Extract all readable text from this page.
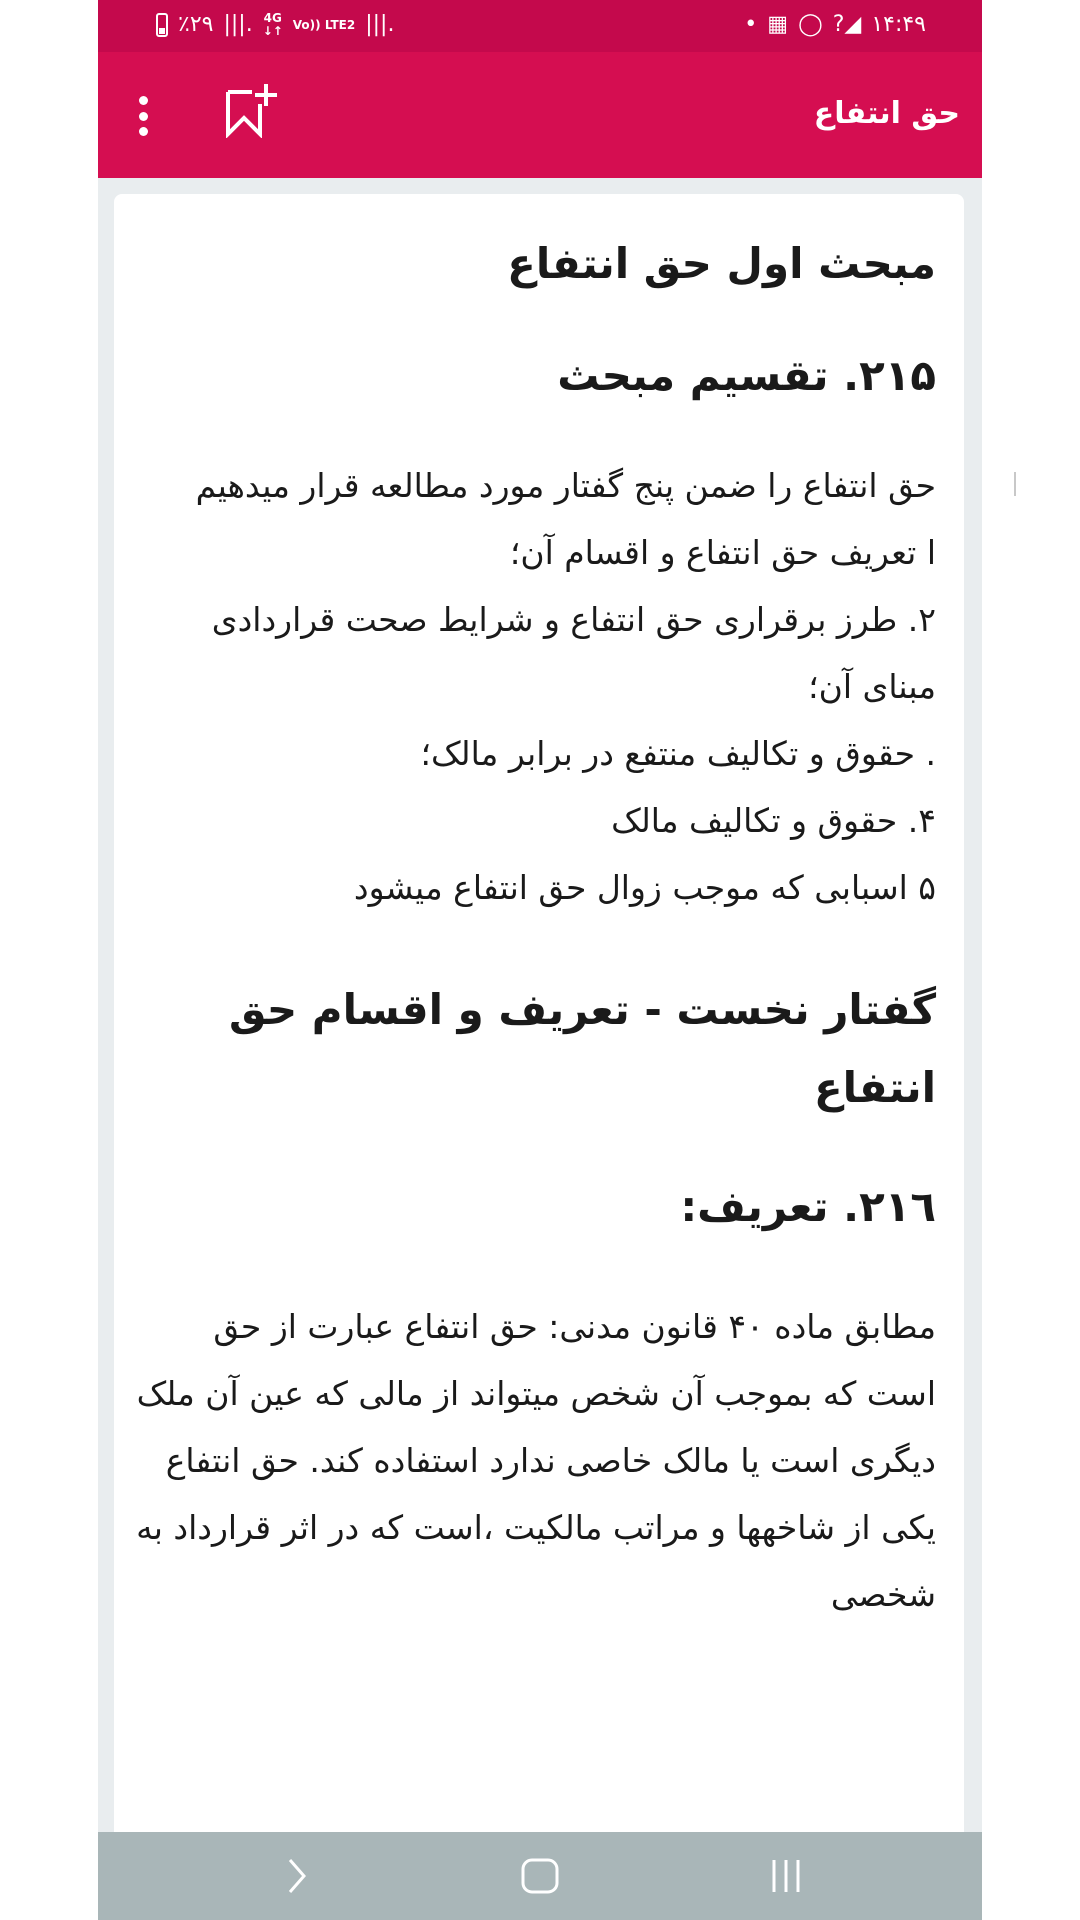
٪۲۹ |||. 4G
↓↑ Vo)) LTE2 |||.	• ▦ ◯ ?◢ ۱۴:۴۹
حق انتفاع
مبحث اول حق انتفاع
۲۱۵. تقسیم مبحث
حق انتفاع را ضمن پنج گفتار مورد مطالعه قرار میدهیم
ا تعریف حق انتفاع و اقسام آن؛
۲. طرز برقراری حق انتفاع و شرایط صحت قراردادی مبنای آن؛
. حقوق و تکالیف منتفع در برابر مالک؛
۴. حقوق و تکالیف مالک
۵ اسبابی که موجب زوال حق انتفاع میشود
گفتار نخست - تعریف و اقسام حق انتفاع
۲۱٦. تعریف:
مطابق ماده ۴۰ قانون مدنی: حق انتفاع عبارت از حق است که بموجب آن شخص میتواند از مالی که عین آن ملک دیگری است یا مالک خاصی ندارد استفاده کند. حق انتفاع یکی از شاخهها و مراتب مالکیت ،است که در اثر قرارداد به شخصی
